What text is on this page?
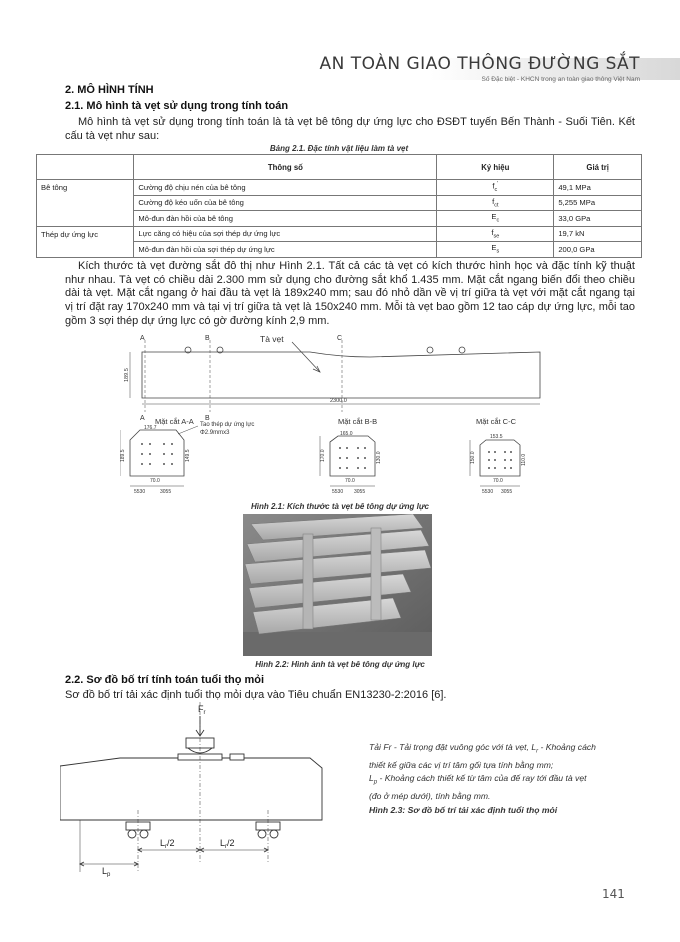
AN TOÀN GIAO THÔNG ĐƯỜNG SẮT
Số Đặc biệt - KHCN trong an toàn giao thông Việt Nam
2. MÔ HÌNH TÍNH
2.1. Mô hình tà vẹt sử dụng trong tính toán
Mô hình tà vẹt sử dụng trong tính toán là tà vẹt bê tông dự ứng lực cho ĐSĐT tuyến Bến Thành - Suối Tiên. Kết cấu tà vẹt như sau:
Bảng 2.1. Đặc tính vật liệu làm tà vẹt
	Thông số	Ký hiệu	Giá trị
Bê tông	Cường độ chịu nén của bê tông	$f_c'$	49,1 MPa
	Cường độ kéo uốn của bê tông	$f_{ct}$	5,255 MPa
	Mô-đun đàn hồi của bê tông	$E_c$	33,0 GPa
Thép dự ứng lực	Lực căng có hiệu của sợi thép dự ứng lực	$f_{se}$	19,7 kN
	Mô-đun đàn hồi của sợi thép dự ứng lực	$E_s$	200,0 GPa
Kích thước tà vẹt đường sắt đô thị như Hình 2.1. Tất cả các tà vẹt có kích thước hình học và đặc tính kỹ thuật như nhau. Tà vẹt có chiều dài 2.300 mm sử dụng cho đường sắt khổ 1.435 mm. Mặt cắt ngang biến đổi theo chiều dài tà vẹt. Mặt cắt ngang ở hai đầu tà vẹt là 189x240 mm; sau đó nhỏ dần về vị trí giữa tà vẹt với mặt cắt ngang tại vị trí đặt ray 170x240 mm và tại vị trí giữa tà vẹt là 150x240 mm. Mỗi tà vẹt bao gồm 12 tao cáp dự ứng lực, mỗi tao gồm 3 sợi thép dự ứng lực có gờ đường kính 2,9 mm.
A	B	C
A	B
Tà vẹt
189.5
2300.0
Mặt cắt A-A	Mặt cắt B-B	Mặt cắt C-C
Tao thép dự ứng lực
Φ2.9mmx3
176.7
165.0	153.5
189.5	170.0	150.0
149.5	130.0	110.0
70.0	70.0	70.0
5530	3055	5530 3055	5530 3055
Hình 2.1: Kích thước tà vẹt bê tông dự ứng lực
Hình 2.2: Hình ảnh tà vẹt bê tông dự ứng lực
2.2. Sơ đồ bố trí tính toán tuổi thọ mỏi
Sơ đồ bố trí tải xác định tuổi thọ mỏi dựa vào Tiêu chuẩn EN13230-2:2016 [6].
$F_r$
$L_r/2$	$L_r/2$
$L_p$
Tải Fr - Tải trọng đặt vuông góc với tà vẹt, $L_r$ - Khoảng cách thiết kế giữa các vị trí tâm gối tựa tính bằng mm;
$L_p$ - Khoảng cách thiết kế từ tâm của đế ray tới đầu tà vẹt (đo ở mép dưới), tính bằng mm.
Hình 2.3: Sơ đồ bố trí tải xác định tuổi thọ mỏi
141
